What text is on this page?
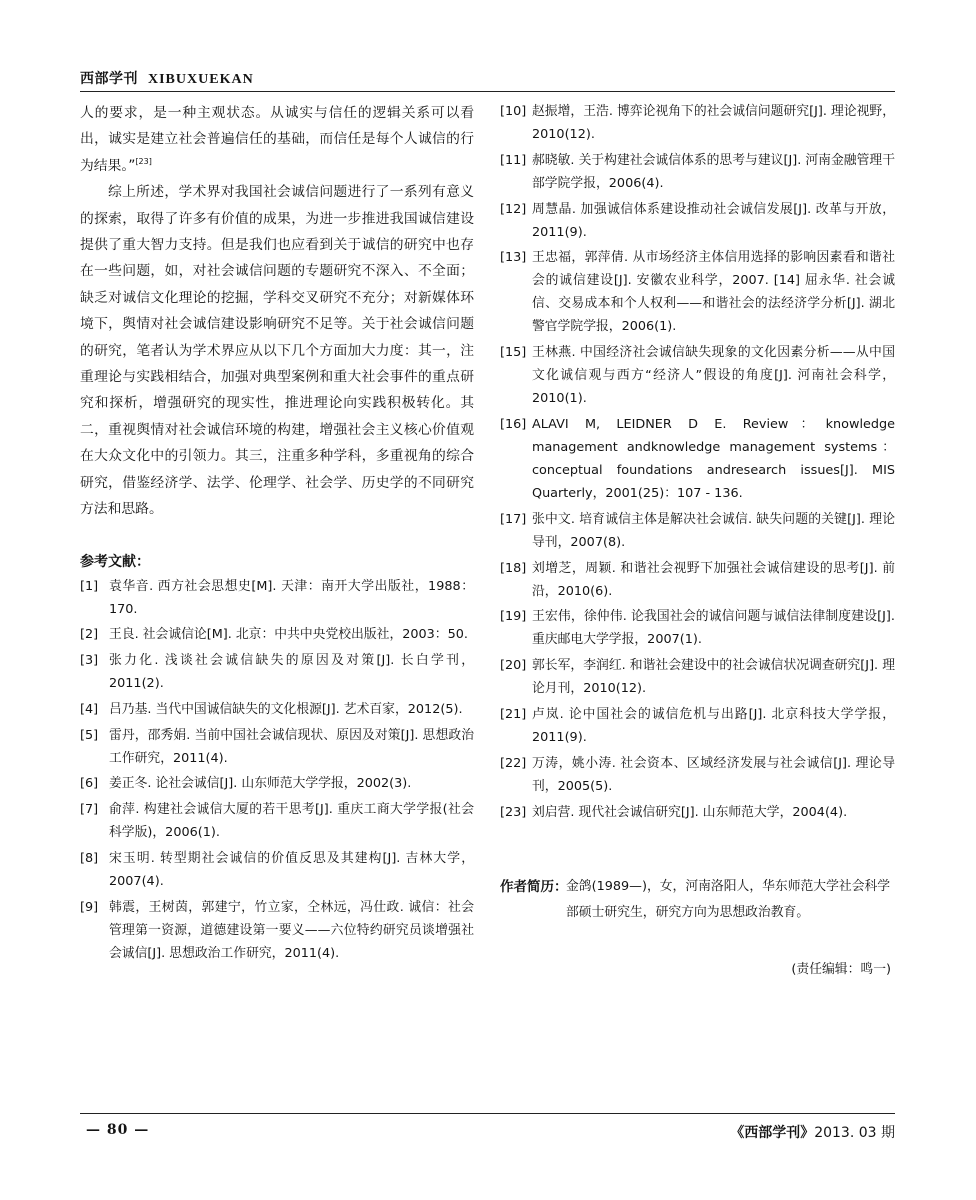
西部学刊 XIBUXUEKAN

人的要求，是一种主观状态。从诚实与信任的逻辑关系可以看出，诚实是建立社会普遍信任的基础，而信任是每个人诚信的行为结果。”[23]

综上所述，学术界对我国社会诚信问题进行了一系列有意义的探索，取得了许多有价值的成果，为进一步推进我国诚信建设提供了重大智力支持。但是我们也应看到关于诚信的研究中也存在一些问题，如，对社会诚信问题的专题研究不深入、不全面；缺乏对诚信文化理论的挖掘，学科交叉研究不充分；对新媒体环境下，舆情对社会诚信建设影响研究不足等。关于社会诚信问题的研究，笔者认为学术界应从以下几个方面加大力度：其一，注重理论与实践相结合，加强对典型案例和重大社会事件的重点研究和探析，增强研究的现实性，推进理论向实践积极转化。其二，重视舆情对社会诚信环境的构建，增强社会主义核心价值观在大众文化中的引领力。其三，注重多种学科，多重视角的综合研究，借鉴经济学、法学、伦理学、社会学、历史学的不同研究方法和思路。

参考文献：
[1] 袁华音. 西方社会思想史[M]. 天津：南开大学出版社，1988：170.
[2] 王良. 社会诚信论[M]. 北京：中共中央党校出版社，2003：50.
[3] 张力化. 浅谈社会诚信缺失的原因及对策[J]. 长白学刊，2011(2).
[4] 吕乃基. 当代中国诚信缺失的文化根源[J]. 艺术百家，2012(5).
[5] 雷丹，邵秀娟. 当前中国社会诚信现状、原因及对策[J]. 思想政治工作研究，2011(4).
[6] 姜正冬. 论社会诚信[J]. 山东师范大学学报，2002(3).
[7] 俞萍. 构建社会诚信大厦的若干思考[J]. 重庆工商大学学报(社会科学版)，2006(1).
[8] 宋玉明. 转型期社会诚信的价值反思及其建构[J]. 吉林大学，2007(4).
[9] 韩震，王树茵，郭建宁，竹立家，仝林远，冯仕政. 诚信：社会管理第一资源，道德建设第一要义——六位特约研究员谈增强社会诚信[J]. 思想政治工作研究，2011(4).
[10] 赵振增，王浩. 博弈论视角下的社会诚信问题研究[J]. 理论视野，2010(12).
[11] 郝晓敏. 关于构建社会诚信体系的思考与建议[J]. 河南金融管理干部学院学报，2006(4).
[12] 周慧晶. 加强诚信体系建设推动社会诚信发展[J]. 改革与开放，2011(9).
[13] 王忠福，郭萍倩. 从市场经济主体信用选择的影响因素看和谐社会的诚信建设[J]. 安徽农业科学，2007. [14] 屈永华. 社会诚信、交易成本和个人权利——和谐社会的法经济学分析[J]. 湖北警官学院学报，2006(1).
[15] 王林燕. 中国经济社会诚信缺失现象的文化因素分析——从中国文化诚信观与西方“经济人”假设的角度[J]. 河南社会科学，2010(1).
[16] ALAVI M, LEIDNER D E. Review：knowledge management andknowledge management systems：conceptual foundations andresearch issues[J]. MIS Quarterly，2001(25)：107 - 136.
[17] 张中文. 培育诚信主体是解决社会诚信. 缺失问题的关键[J]. 理论导刊，2007(8).
[18] 刘增芝，周颖. 和谐社会视野下加强社会诚信建设的思考[J]. 前沿，2010(6).
[19] 王宏伟，徐仲伟. 论我国社会的诚信问题与诚信法律制度建设[J]. 重庆邮电大学学报，2007(1).
[20] 郭长军，李润红. 和谐社会建设中的社会诚信状况调查研究[J]. 理论月刊，2010(12).
[21] 卢岚. 论中国社会的诚信危机与出路[J]. 北京科技大学学报，2011(9).
[22] 万涛，姚小涛. 社会资本、区域经济发展与社会诚信[J]. 理论导刊，2005(5).
[23] 刘启营. 现代社会诚信研究[J]. 山东师范大学，2004(4).
作者简历：
金鸽(1989—)，女，河南洛阳人，华东师范大学社会科学部硕士研究生，研究方向为思想政治教育。
(责任编辑：鸣一)
— 80 —	《西部学刊》2013. 03 期
